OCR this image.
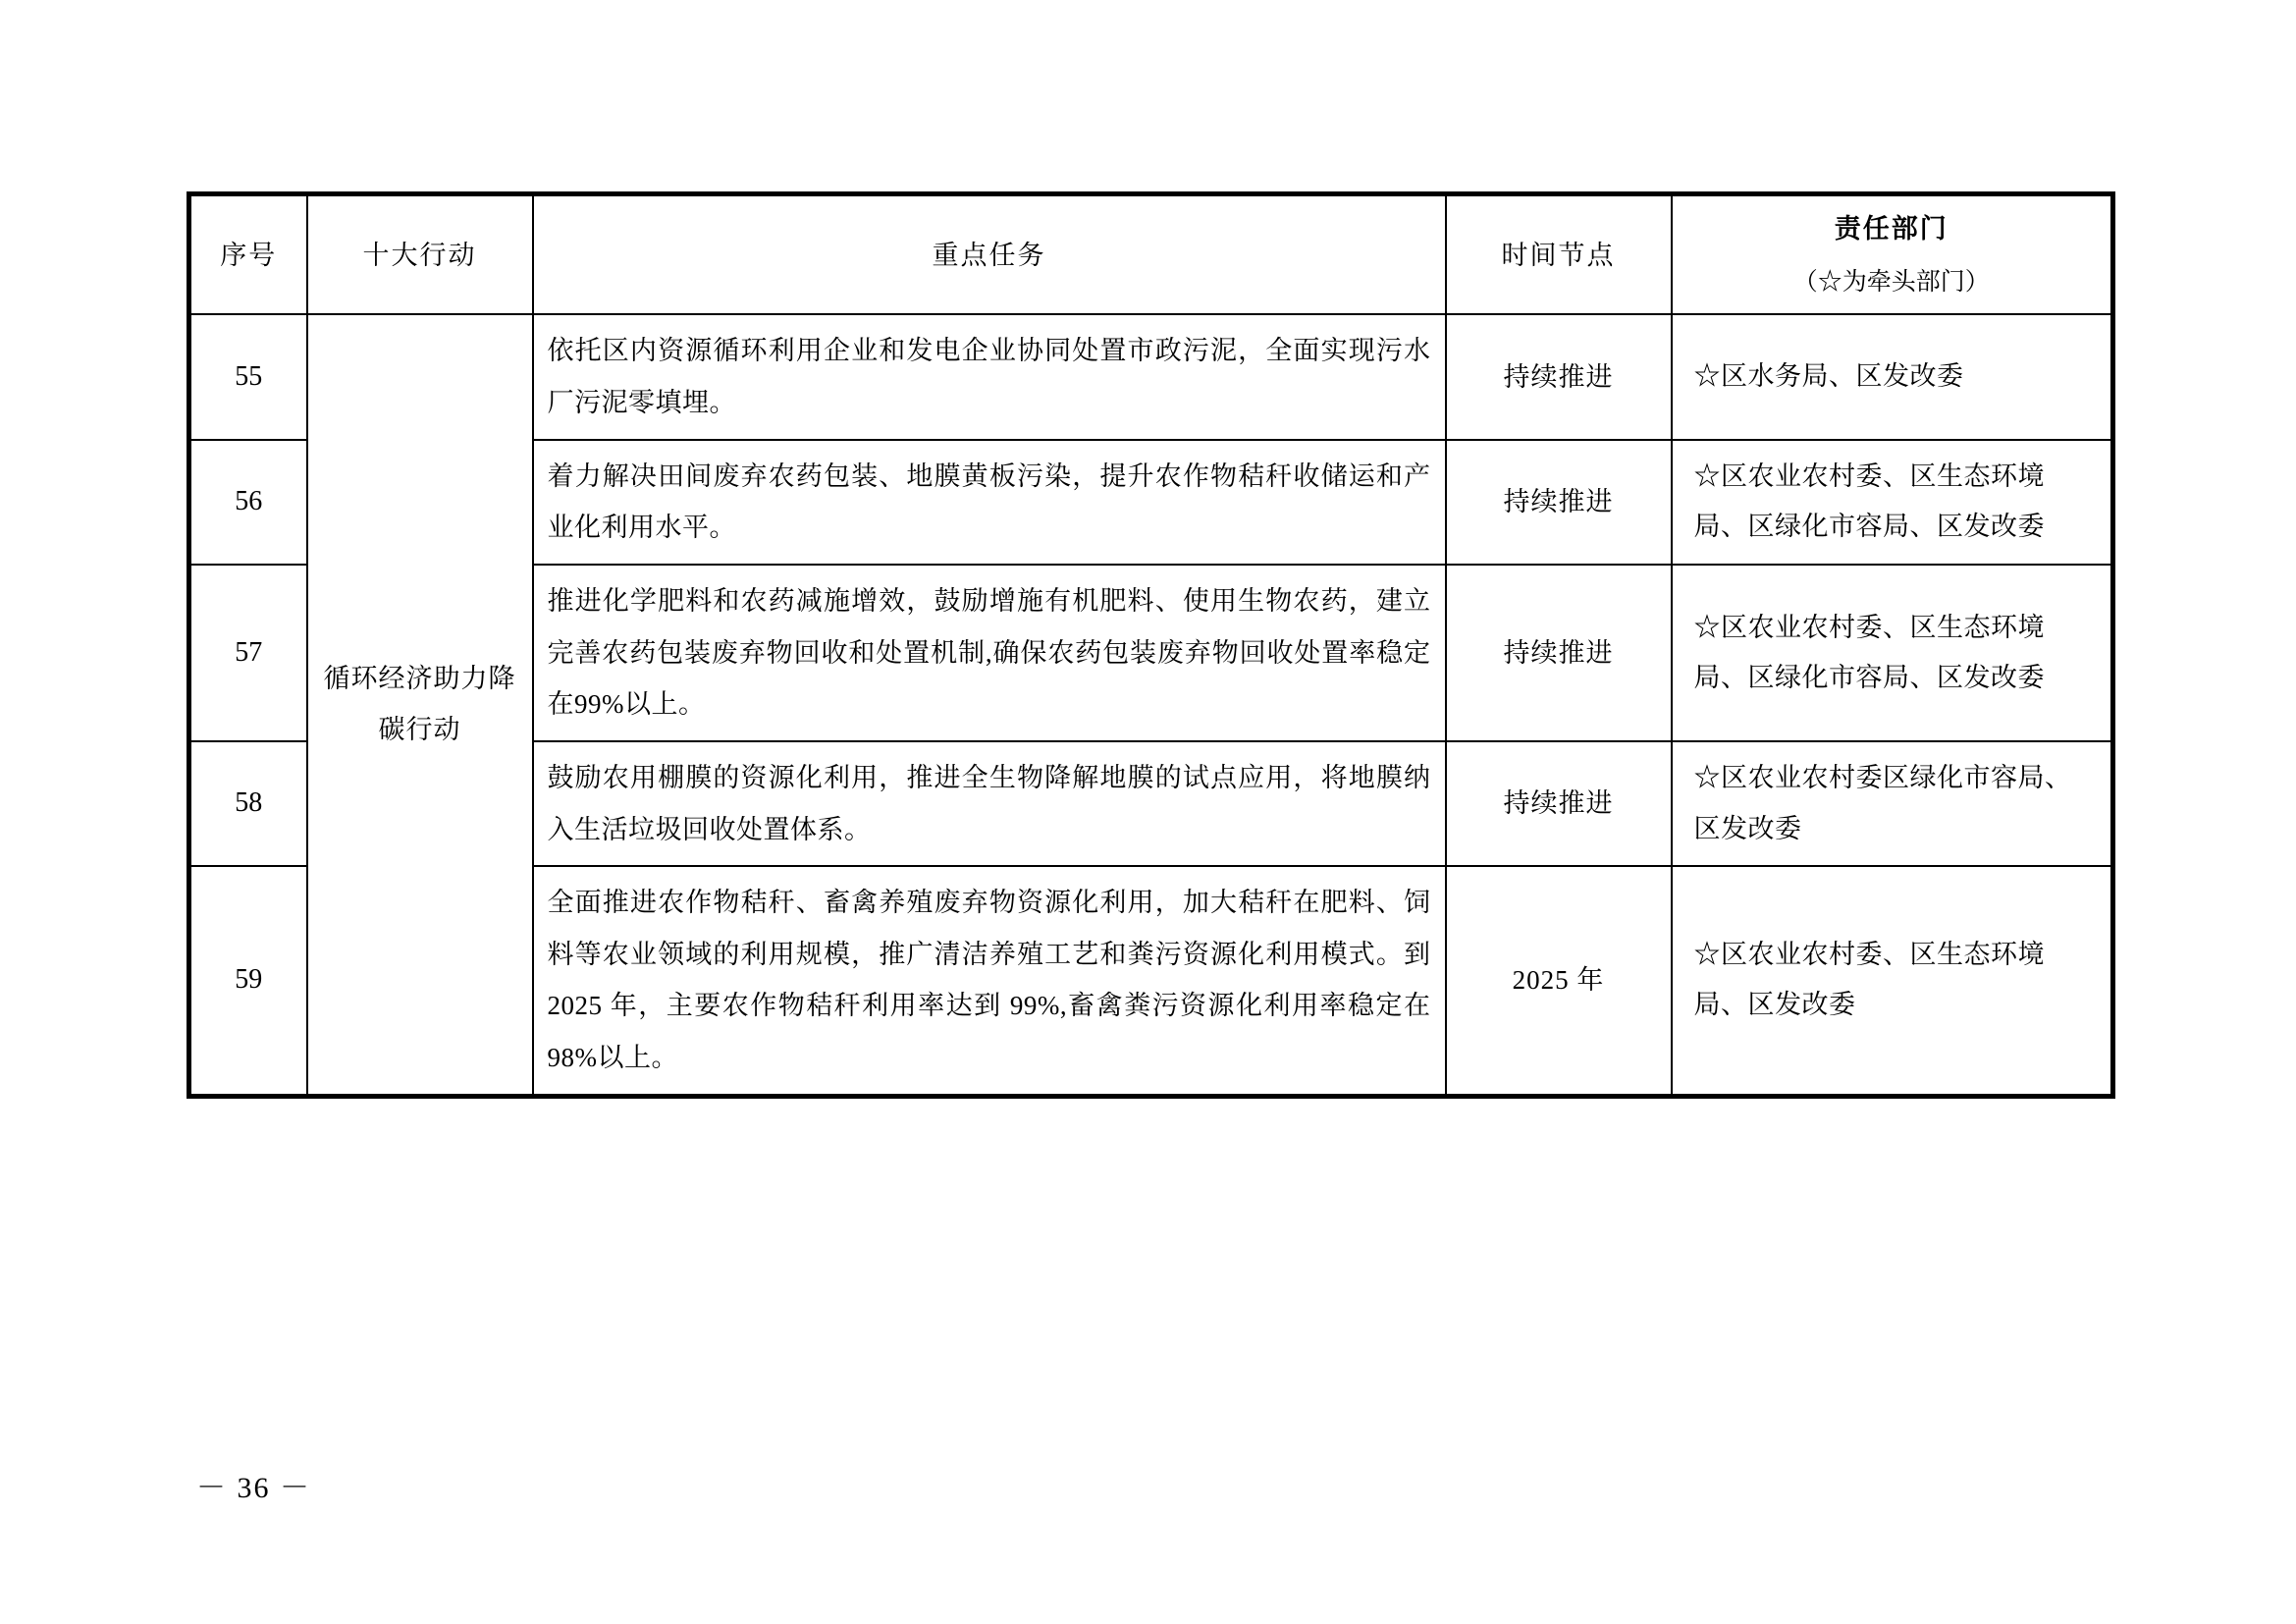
序号	十大行动	重点任务	时间节点	责任部门
（☆为牵头部门）

55	循环经济助力降碳行动	依托区内资源循环利用企业和发电企业协同处置市政污泥，全面实现污水厂污泥零填埋。	持续推进	☆区水务局、区发改委
56		着力解决田间废弃农药包装、地膜黄板污染，提升农作物秸秆收储运和产业化利用水平。	持续推进	☆区农业农村委、区生态环境局、区绿化市容局、区发改委
57		推进化学肥料和农药减施增效，鼓励增施有机肥料、使用生物农药，建立完善农药包装废弃物回收和处置机制,确保农药包装废弃物回收处置率稳定在99%以上。	持续推进	☆区农业农村委、区生态环境局、区绿化市容局、区发改委
58		鼓励农用棚膜的资源化利用，推进全生物降解地膜的试点应用，将地膜纳入生活垃圾回收处置体系。	持续推进	☆区农业农村委区绿化市容局、区发改委
59		全面推进农作物秸秆、畜禽养殖废弃物资源化利用，加大秸秆在肥料、饲料等农业领域的利用规模，推广清洁养殖工艺和粪污资源化利用模式。到 2025 年，主要农作物秸秆利用率达到 99%,畜禽粪污资源化利用率稳定在98%以上。	2025 年	☆区农业农村委、区生态环境局、区发改委
－ 36 －
